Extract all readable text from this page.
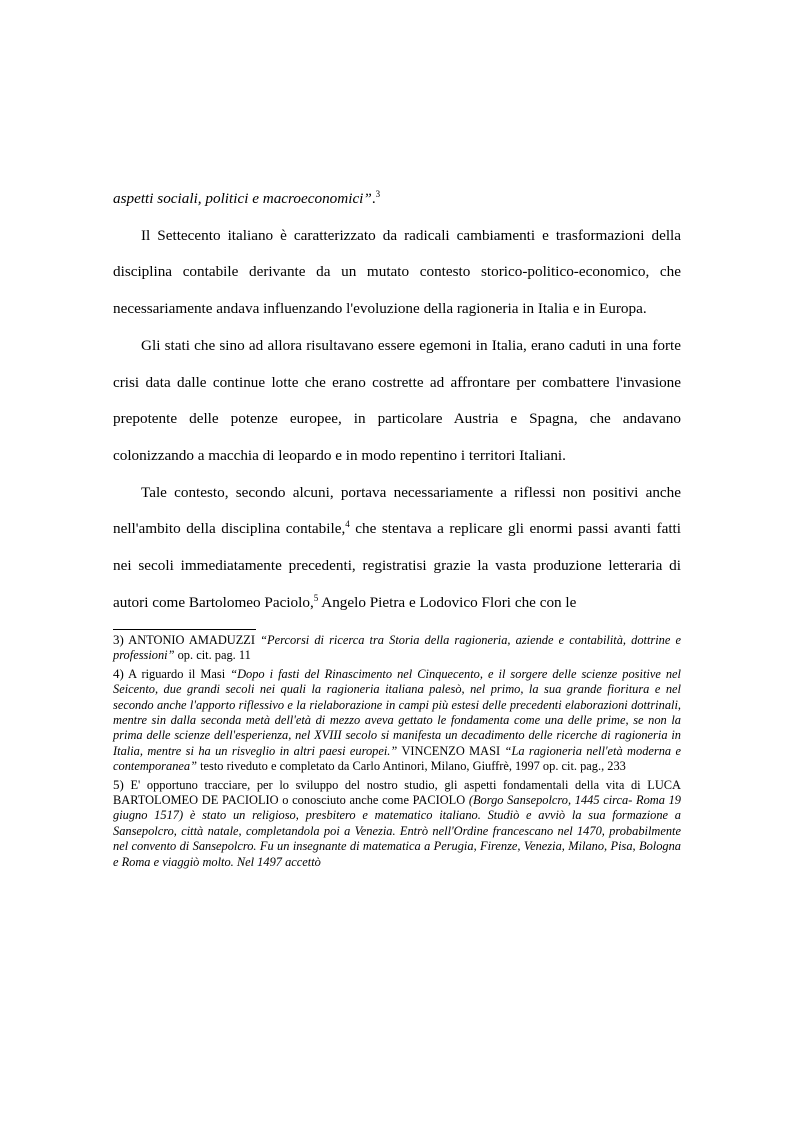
aspetti sociali, politici e macroeconomici”.$^3$

Il Settecento italiano è caratterizzato da radicali cambiamenti e trasformazioni della disciplina contabile derivante da un mutato contesto storico-politico-economico, che necessariamente andava influenzando l'evoluzione della ragioneria in Italia e in Europa.

Gli stati che sino ad allora risultavano essere egemoni in Italia, erano caduti in una forte crisi data dalle continue lotte che erano costrette ad affrontare per combattere l'invasione prepotente delle potenze europee, in particolare Austria e Spagna, che andavano colonizzando a macchia di leopardo e in modo repentino i territori Italiani.

Tale contesto, secondo alcuni, portava necessariamente a riflessi non positivi anche nell'ambito della disciplina contabile,$^4$ che stentava a replicare gli enormi passi avanti fatti nei secoli immediatamente precedenti, registratisi grazie la vasta produzione letteraria di autori come Bartolomeo Paciolo,$^5$ Angelo Pietra e Lodovico Flori che con le

3) ANTONIO AMADUZZI “Percorsi di ricerca tra Storia della ragioneria, aziende e contabilità, dottrine e professioni” op. cit. pag. 11

4) A riguardo il Masi “Dopo i fasti del Rinascimento nel Cinquecento, e il sorgere delle scienze positive nel Seicento, due grandi secoli nei quali la ragioneria italiana palesò, nel primo, la sua grande fioritura e nel secondo anche l'apporto riflessivo e la rielaborazione in campi più estesi delle precedenti elaborazioni dottrinali, mentre sin dalla seconda metà dell'età di mezzo aveva gettato le fondamenta come una delle prime, se non la prima delle scienze dell'esperienza, nel XVIII secolo si manifesta un decadimento delle ricerche di ragioneria in Italia, mentre si ha un risveglio in altri paesi europei.” VINCENZO MASI “La ragioneria nell'età moderna e contemporanea” testo riveduto e completato da Carlo Antinori, Milano, Giuffrè, 1997 op. cit. pag., 233

5) E' opportuno tracciare, per lo sviluppo del nostro studio, gli aspetti fondamentali della vita di LUCA BARTOLOMEO DE PACIOLIO o conosciuto anche come PACIOLO (Borgo Sansepolcro, 1445 circa- Roma 19 giugno 1517) è stato un religioso, presbitero e matematico italiano. Studiò e avviò la sua formazione a Sansepolcro, città natale, completandola poi a Venezia. Entrò nell'Ordine francescano nel 1470, probabilmente nel convento di Sansepolcro. Fu un insegnante di matematica a Perugia, Firenze, Venezia, Milano, Pisa, Bologna e Roma e viaggiò molto. Nel 1497 accettò
